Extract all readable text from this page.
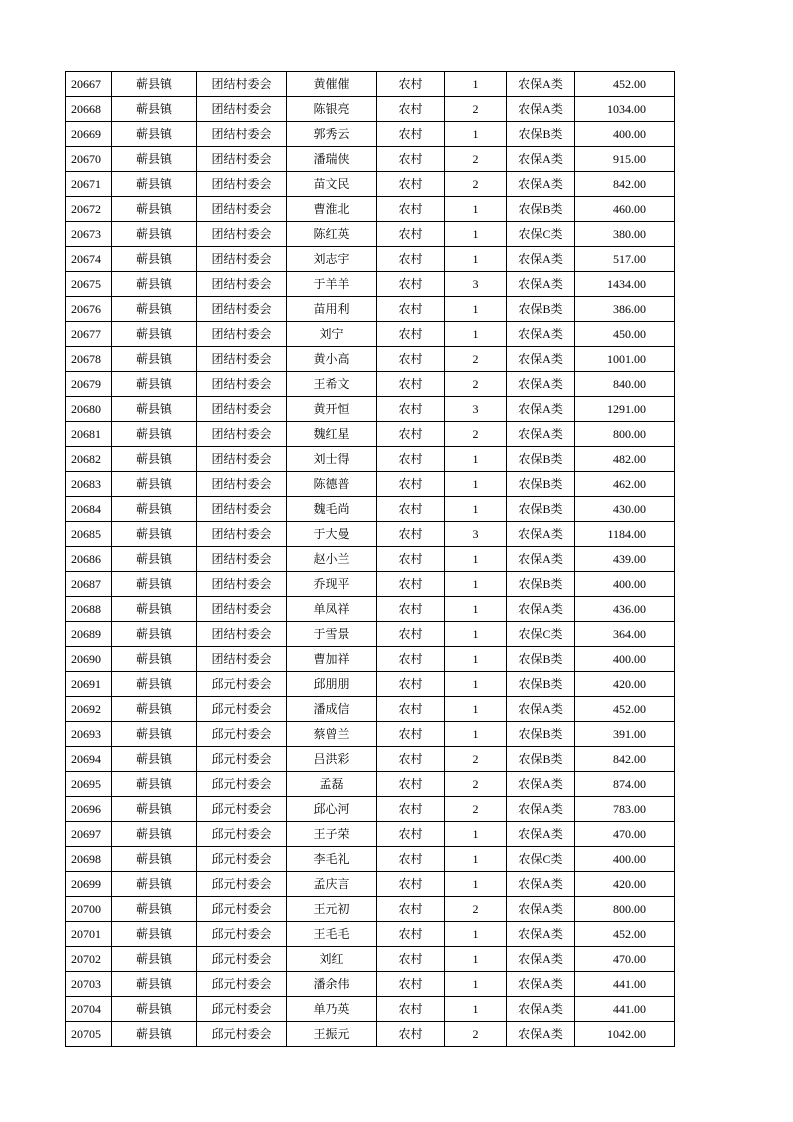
20667	蕲县镇	团结村委会	黄催催	农村	1	农保A类	452.00
20668	蕲县镇	团结村委会	陈银亮	农村	2	农保A类	1034.00
20669	蕲县镇	团结村委会	郭秀云	农村	1	农保B类	400.00
20670	蕲县镇	团结村委会	潘瑞侠	农村	2	农保A类	915.00
20671	蕲县镇	团结村委会	苗文民	农村	2	农保A类	842.00
20672	蕲县镇	团结村委会	曹淮北	农村	1	农保B类	460.00
20673	蕲县镇	团结村委会	陈红英	农村	1	农保C类	380.00
20674	蕲县镇	团结村委会	刘志宇	农村	1	农保A类	517.00
20675	蕲县镇	团结村委会	于羊羊	农村	3	农保A类	1434.00
20676	蕲县镇	团结村委会	苗用利	农村	1	农保B类	386.00
20677	蕲县镇	团结村委会	刘宁	农村	1	农保A类	450.00
20678	蕲县镇	团结村委会	黄小高	农村	2	农保A类	1001.00
20679	蕲县镇	团结村委会	王希文	农村	2	农保A类	840.00
20680	蕲县镇	团结村委会	黄开恒	农村	3	农保A类	1291.00
20681	蕲县镇	团结村委会	魏红星	农村	2	农保A类	800.00
20682	蕲县镇	团结村委会	刘士得	农村	1	农保B类	482.00
20683	蕲县镇	团结村委会	陈德普	农村	1	农保B类	462.00
20684	蕲县镇	团结村委会	魏毛尚	农村	1	农保B类	430.00
20685	蕲县镇	团结村委会	于大曼	农村	3	农保A类	1184.00
20686	蕲县镇	团结村委会	赵小兰	农村	1	农保A类	439.00
20687	蕲县镇	团结村委会	乔现平	农村	1	农保B类	400.00
20688	蕲县镇	团结村委会	单凤祥	农村	1	农保A类	436.00
20689	蕲县镇	团结村委会	于雪景	农村	1	农保C类	364.00
20690	蕲县镇	团结村委会	曹加祥	农村	1	农保B类	400.00
20691	蕲县镇	邱元村委会	邱朋朋	农村	1	农保B类	420.00
20692	蕲县镇	邱元村委会	潘成信	农村	1	农保A类	452.00
20693	蕲县镇	邱元村委会	蔡曾兰	农村	1	农保B类	391.00
20694	蕲县镇	邱元村委会	吕洪彩	农村	2	农保B类	842.00
20695	蕲县镇	邱元村委会	孟磊	农村	2	农保A类	874.00
20696	蕲县镇	邱元村委会	邱心河	农村	2	农保A类	783.00
20697	蕲县镇	邱元村委会	王子荣	农村	1	农保A类	470.00
20698	蕲县镇	邱元村委会	李毛礼	农村	1	农保C类	400.00
20699	蕲县镇	邱元村委会	孟庆言	农村	1	农保A类	420.00
20700	蕲县镇	邱元村委会	王元初	农村	2	农保A类	800.00
20701	蕲县镇	邱元村委会	王毛毛	农村	1	农保A类	452.00
20702	蕲县镇	邱元村委会	刘红	农村	1	农保A类	470.00
20703	蕲县镇	邱元村委会	潘余伟	农村	1	农保A类	441.00
20704	蕲县镇	邱元村委会	单乃英	农村	1	农保A类	441.00
20705	蕲县镇	邱元村委会	王振元	农村	2	农保A类	1042.00
